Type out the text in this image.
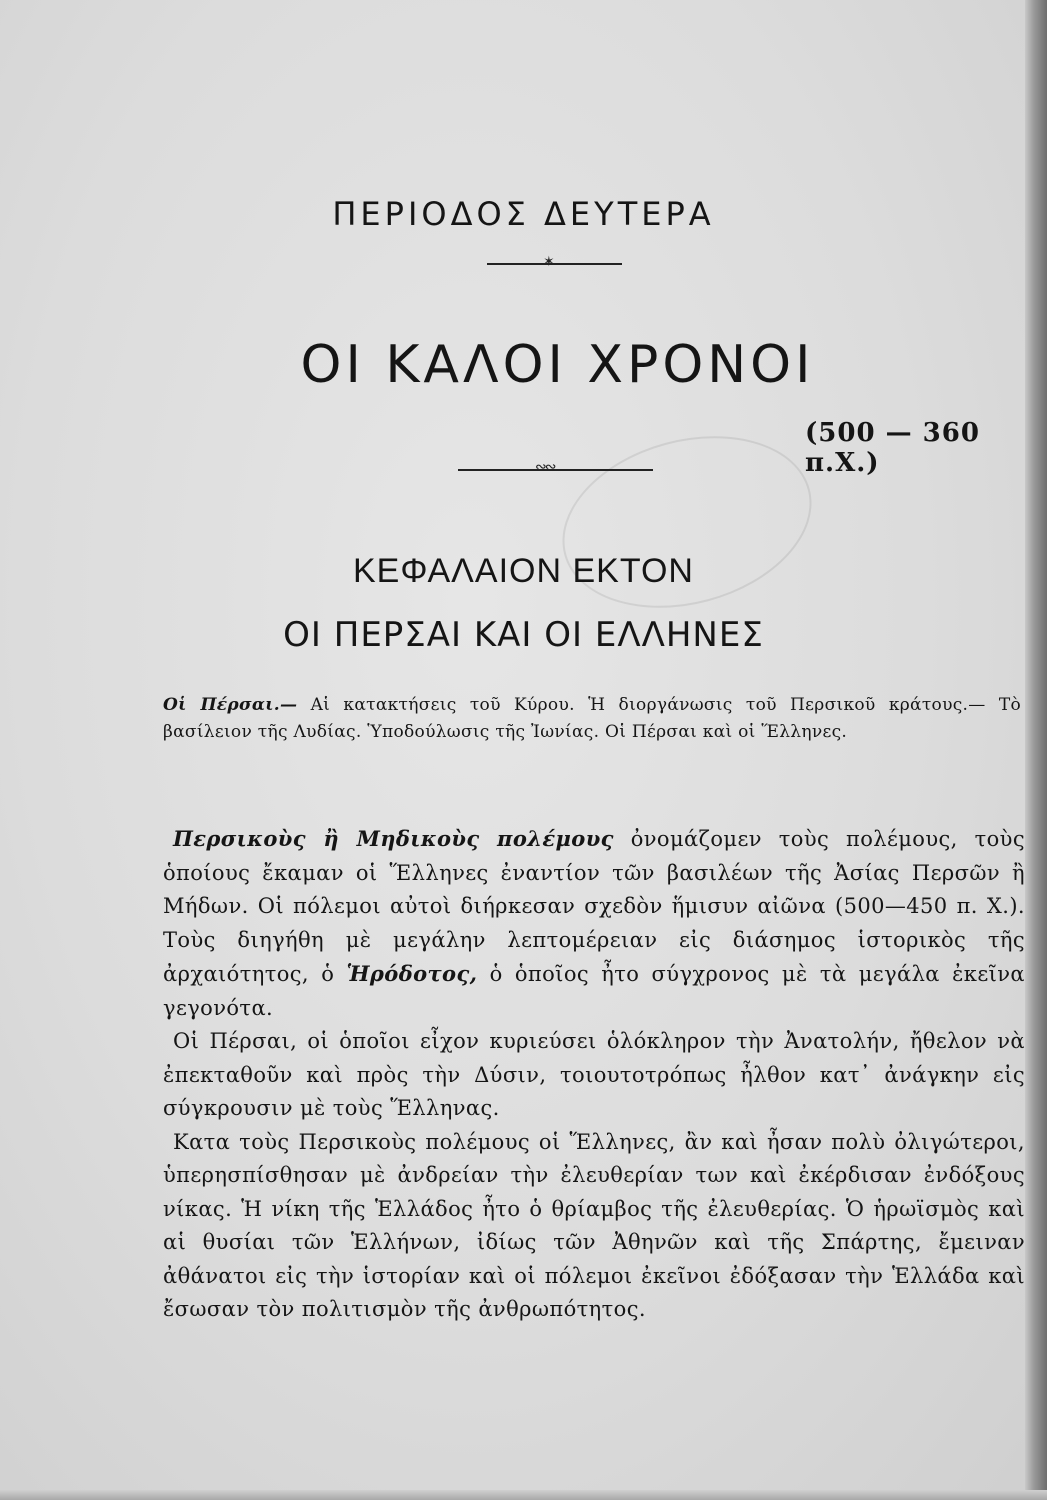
ΠΕΡΙΟΔΟΣ ΔΕΥΤΕΡΑ
✶
ΟΙ ΚΑΛΟΙ ΧΡΟΝΟΙ
(500 — 360 π.Χ.)
∾∾
ΚΕΦΑΛΑΙΟΝ ΕΚΤΟΝ
ΟΙ ΠΕΡΣΑΙ ΚΑΙ ΟΙ ΕΛΛΗΝΕΣ
Οἱ Πέρσαι.— Αἱ κατακτήσεις τοῦ Κύρου. Ἡ διοργάνωσις τοῦ Περσικοῦ κράτους.— Τὸ βασίλειον τῆς Λυδίας. Ὑποδούλωσις τῆς Ἰωνίας. Οἱ Πέρσαι καὶ οἱ Ἕλληνες.

Περσικοὺς ἢ Μηδικοὺς πολέμους ὀνομάζομεν τοὺς πολέμους, τοὺς ὁποίους ἔκαμαν οἱ Ἕλληνες ἐναντίον τῶν βασιλέων τῆς Ἀσίας Περσῶν ἢ Μήδων. Οἱ πόλεμοι αὐτοὶ διήρκεσαν σχεδὸν ἥμισυν αἰῶνα (500—450 π. Χ.). Τοὺς διηγήθη μὲ μεγάλην λεπτομέρειαν εἰς διάσημος ἱστορικὸς τῆς ἀρχαιότητος, ὁ Ἡρόδοτος, ὁ ὁποῖος ἦτο σύγχρονος μὲ τὰ μεγάλα ἐκεῖνα γεγονότα.

Οἱ Πέρσαι, οἱ ὁποῖοι εἶχον κυριεύσει ὁλόκληρον τὴν Ἀνατολήν, ἤθελον νὰ ἐπεκταθοῦν καὶ πρὸς τὴν Δύσιν, τοιουτοτρόπως ἦλθον κατ᾽ ἀνάγκην εἰς σύγκρουσιν μὲ τοὺς Ἕλληνας.

Κατα τοὺς Περσικοὺς πολέμους οἱ Ἕλληνες, ἂν καὶ ἦσαν πολὺ ὀλιγώτεροι, ὑπερησπίσθησαν μὲ ἀνδρείαν τὴν ἐλευθερίαν των καὶ ἐκέρδισαν ἐνδόξους νίκας. Ἡ νίκη τῆς Ἑλλάδος ἦτο ὁ θρίαμβος τῆς ἐλευθερίας. Ὁ ἡρωϊσμὸς καὶ αἱ θυσίαι τῶν Ἑλλήνων, ἰδίως τῶν Ἀθηνῶν καὶ τῆς Σπάρτης, ἔμειναν ἀθάνατοι εἰς τὴν ἱστορίαν καὶ οἱ πόλεμοι ἐκεῖνοι ἐδόξασαν τὴν Ἑλλάδα καὶ ἔσωσαν τὸν πολιτισμὸν τῆς ἀνθρωπότητος.
